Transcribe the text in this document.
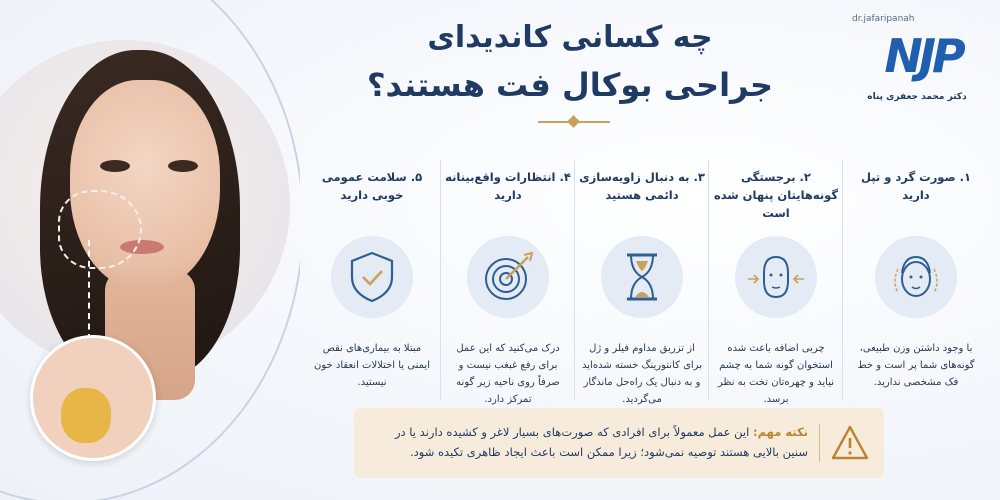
dr.jafaripanah
NJP
دکتر محمد جعفری پناه
چه کسانی کاندیدای
جراحی بوکال فت هستند؟
۱. صورت گرد و تپل دارید
با وجود داشتن وزن طبیعی، گونه‌های شما پر است و خط فک مشخصی ندارید.
۲. برجستگی گونه‌هایتان پنهان شده است
چربی اضافه باعث شده استخوان گونه شما به چشم نیاید و چهره‌تان تخت به نظر برسد.
۳. به دنبال زاویه‌سازی دائمی هستید
از تزریق مداوم فیلر و ژل برای کانتورینگ خسته شده‌اید و به دنبال یک راه‌حل ماندگار می‌گردید.
۴. انتظارات واقع‌بینانه دارید
درک می‌کنید که این عمل برای رفع غبغب نیست و صرفاً روی ناحیه زیر گونه تمرکز دارد.
۵. سلامت عمومی خوبی دارید
مبتلا به بیماری‌های نقص ایمنی یا اختلالات انعقاد خون نیستید.
نکته مهم: این عمل معمولاً برای افرادی که صورت‌های بسیار لاغر و کشیده دارند یا در سنین بالایی هستند توصیه نمی‌شود؛ زیرا ممکن است باعث ایجاد ظاهری تکیده شود.
